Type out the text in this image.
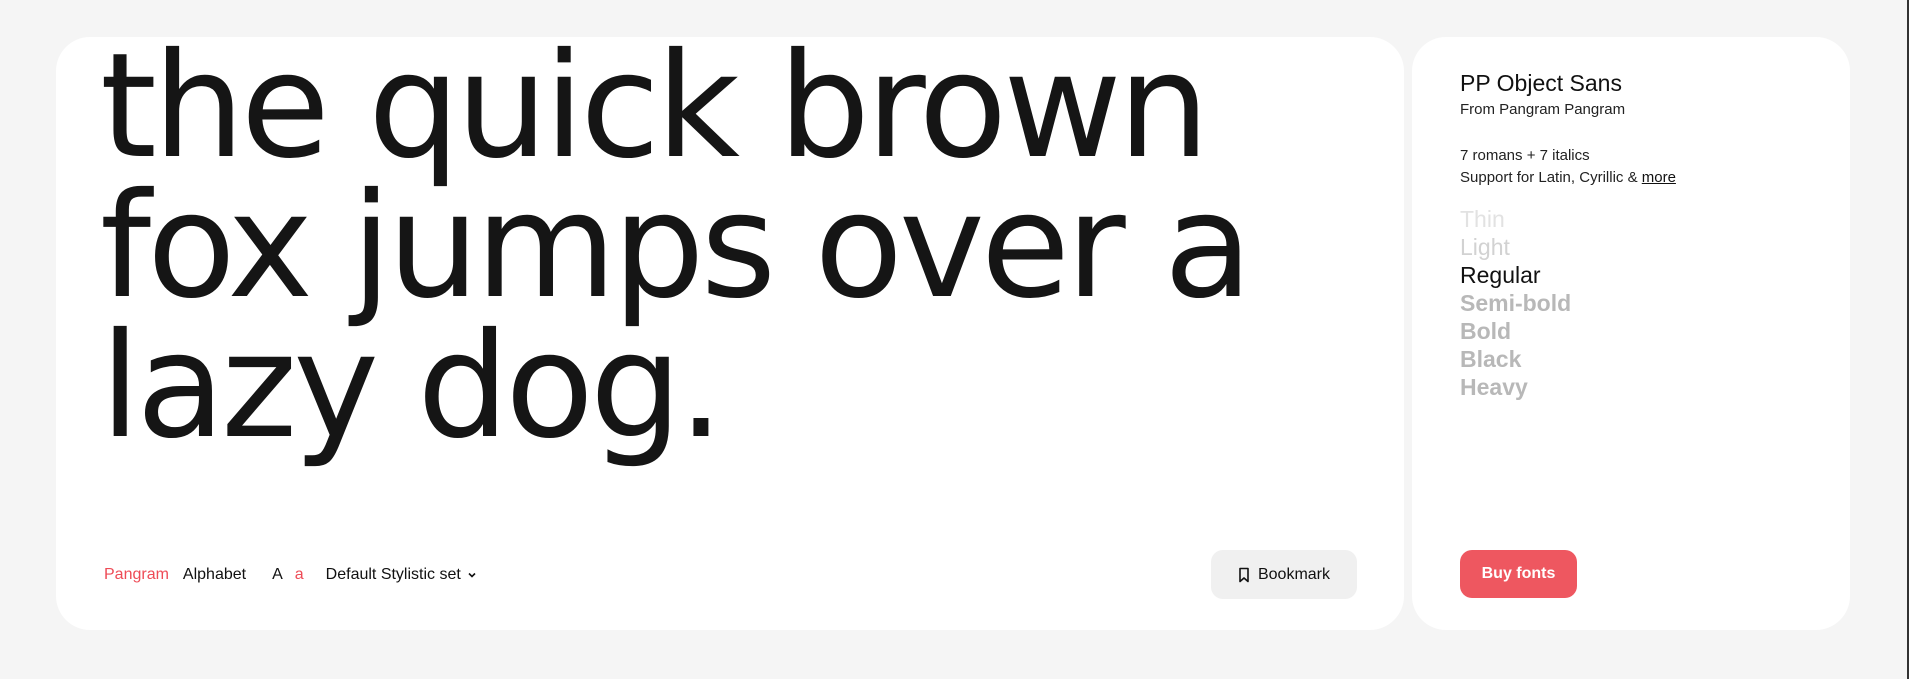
the quick brown
fox jumps over a
lazy dog.

Pangram Alphabet A a Default Stylistic set	Bookmark
PP Object Sans
From Pangram Pangram
7 romans + 7 italics
Support for Latin, Cyrillic & more
Thin
Light
Regular
Semi-bold
Bold
Black
Heavy
Buy fonts
